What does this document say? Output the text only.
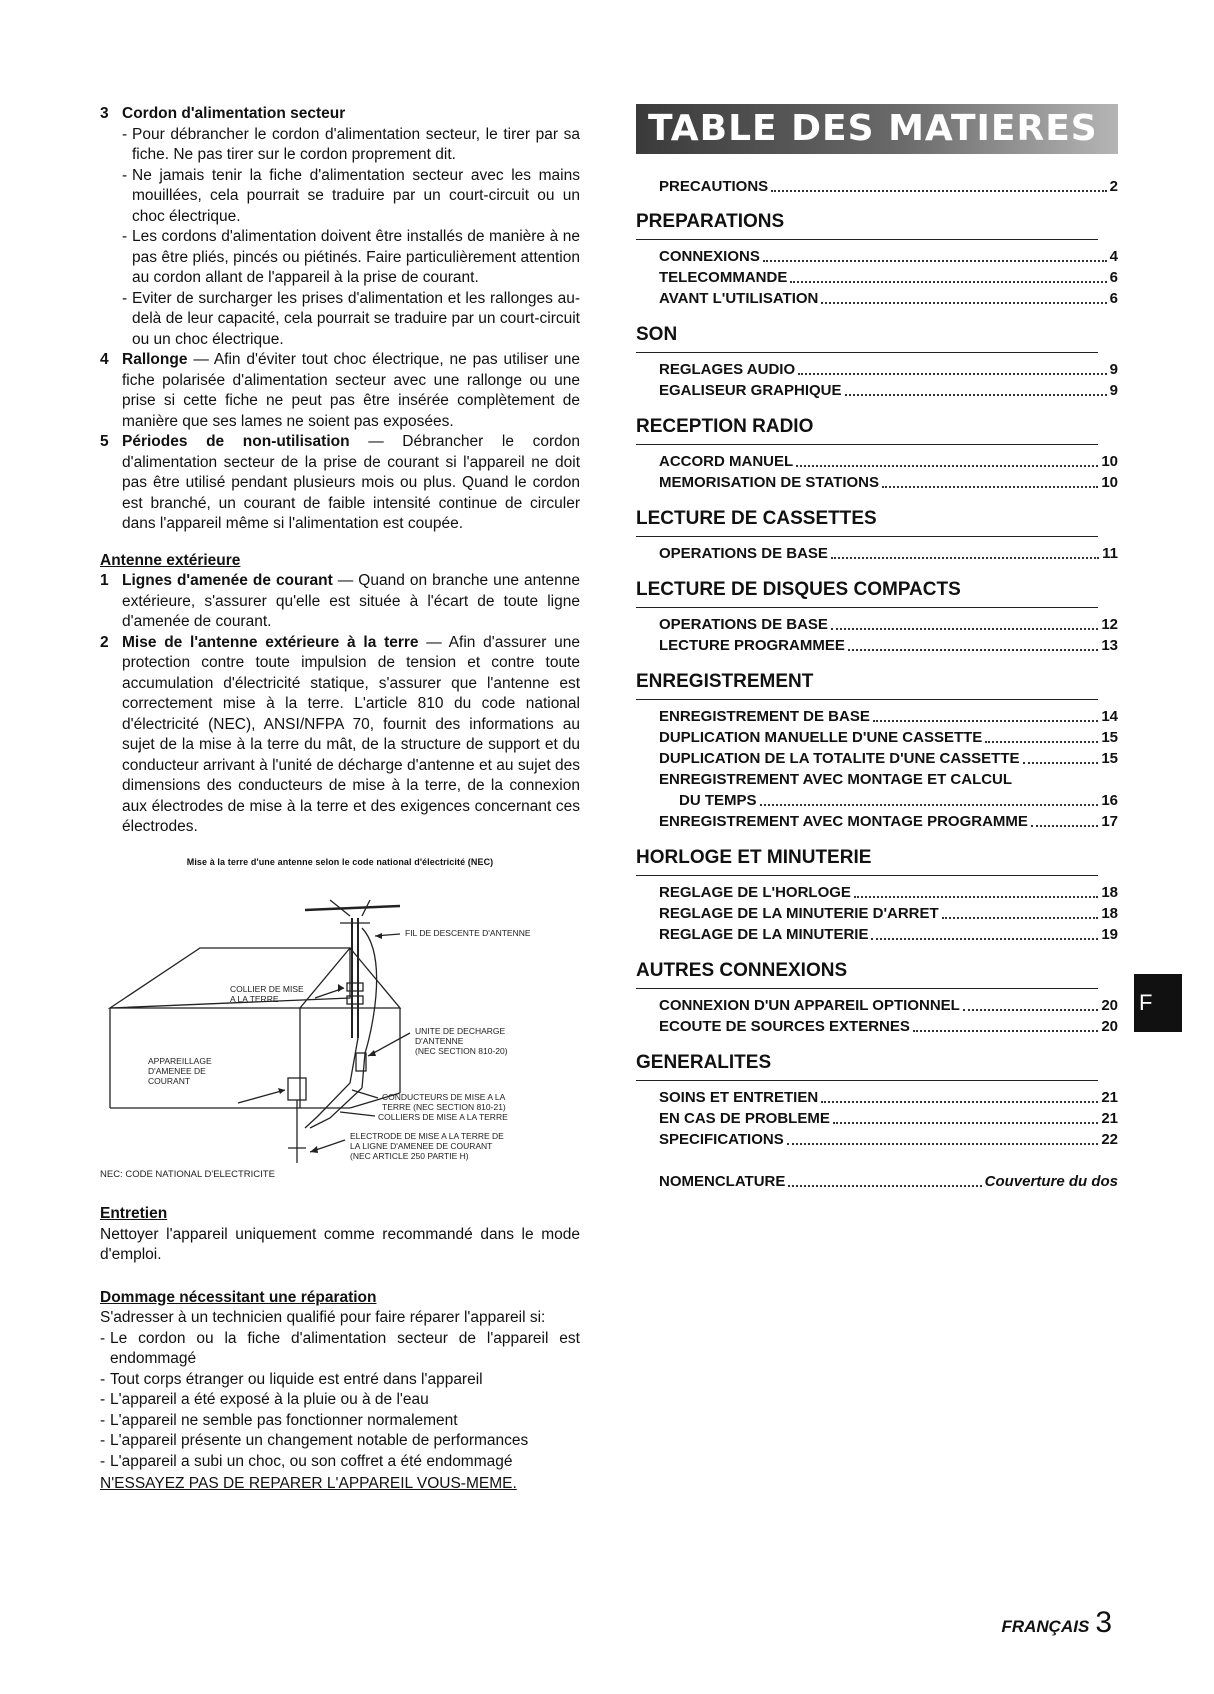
3 Cordon d'alimentation secteur
- Pour débrancher le cordon d'alimentation secteur, le tirer par sa fiche. Ne pas tirer sur le cordon proprement dit.
- Ne jamais tenir la fiche d'alimentation secteur avec les mains mouillées, cela pourrait se traduire par un court-circuit ou un choc électrique.
- Les cordons d'alimentation doivent être installés de manière à ne pas être pliés, pincés ou piétinés. Faire particulièrement attention au cordon allant de l'appareil à la prise de courant.
- Eviter de surcharger les prises d'alimentation et les rallonges au-delà de leur capacité, cela pourrait se traduire par un court-circuit ou un choc électrique.
4 Rallonge — Afin d'éviter tout choc électrique, ne pas utiliser une fiche polarisée d'alimentation secteur avec une rallonge ou une prise si cette fiche ne peut pas être insérée complètement de manière que ses lames ne soient pas exposées.
5 Périodes de non-utilisation — Débrancher le cordon d'alimentation secteur de la prise de courant si l'appareil ne doit pas être utilisé pendant plusieurs mois ou plus. Quand le cordon est branché, un courant de faible intensité continue de circuler dans l'appareil même si l'alimentation est coupée.
Antenne extérieure
1 Lignes d'amenée de courant — Quand on branche une antenne extérieure, s'assurer qu'elle est située à l'écart de toute ligne d'amenée de courant.
2 Mise de l'antenne extérieure à la terre — Afin d'assurer une protection contre toute impulsion de tension et contre toute accumulation d'électricité statique, s'assurer que l'antenne est correctement mise à la terre. L'article 810 du code national d'électricité (NEC), ANSI/NFPA 70, fournit des informations au sujet de la mise à la terre du mât, de la structure de support et du conducteur arrivant à l'unité de décharge d'antenne et au sujet des dimensions des conducteurs de mise à la terre, de la connexion aux électrodes de mise à la terre et des exigences concernant ces électrodes.
Mise à la terre d'une antenne selon le code national d'électricité (NEC)
FIL DE DESCENTE D'ANTENNE
COLLIER DE MISE
A LA TERRE
UNITE DE DECHARGE
D'ANTENNE
(NEC SECTION 810-20)
APPAREILLAGE
D'AMENEE DE
COURANT
CONDUCTEURS DE MISE A LA
TERRE (NEC SECTION 810-21)
COLLIERS DE MISE A LA TERRE
ELECTRODE DE MISE A LA TERRE DE
LA LIGNE D'AMENEE DE COURANT
(NEC ARTICLE 250 PARTIE H)
NEC: CODE NATIONAL D'ELECTRICITE
Entretien
Nettoyer l'appareil uniquement comme recommandé dans le mode d'emploi.
Dommage nécessitant une réparation
S'adresser à un technicien qualifié pour faire réparer l'appareil si:
- Le cordon ou la fiche d'alimentation secteur de l'appareil est endommagé
- Tout corps étranger ou liquide est entré dans l'appareil
- L'appareil a été exposé à la pluie ou à de l'eau
- L'appareil ne semble pas fonctionner normalement
- L'appareil présente un changement notable de performances
- L'appareil a subi un choc, ou son coffret a été endommagé
N'ESSAYEZ PAS DE REPARER L'APPAREIL VOUS-MEME.
TABLE DES MATIERES
PRECAUTIONS	2
PREPARATIONS
CONNEXIONS	4
TELECOMMANDE	6
AVANT L'UTILISATION	6
SON
REGLAGES AUDIO	9
EGALISEUR GRAPHIQUE	9
RECEPTION RADIO
ACCORD MANUEL	10
MEMORISATION DE STATIONS	10
LECTURE DE CASSETTES
OPERATIONS DE BASE	11
LECTURE DE DISQUES COMPACTS
OPERATIONS DE BASE	12
LECTURE PROGRAMMEE	13
ENREGISTREMENT
ENREGISTREMENT DE BASE	14
DUPLICATION MANUELLE D'UNE CASSETTE	15
DUPLICATION DE LA TOTALITE D'UNE CASSETTE	15
ENREGISTREMENT AVEC MONTAGE ET CALCUL
DU TEMPS	16
ENREGISTREMENT AVEC MONTAGE PROGRAMME	17
HORLOGE ET MINUTERIE
REGLAGE DE L'HORLOGE	18
REGLAGE DE LA MINUTERIE D'ARRET	18
REGLAGE DE LA MINUTERIE	19
AUTRES CONNEXIONS
CONNEXION D'UN APPAREIL OPTIONNEL	20
ECOUTE DE SOURCES EXTERNES	20
GENERALITES
SOINS ET ENTRETIEN	21
EN CAS DE PROBLEME	21
SPECIFICATIONS	22
NOMENCLATURE	Couverture du dos
F
FRANÇAIS 3
